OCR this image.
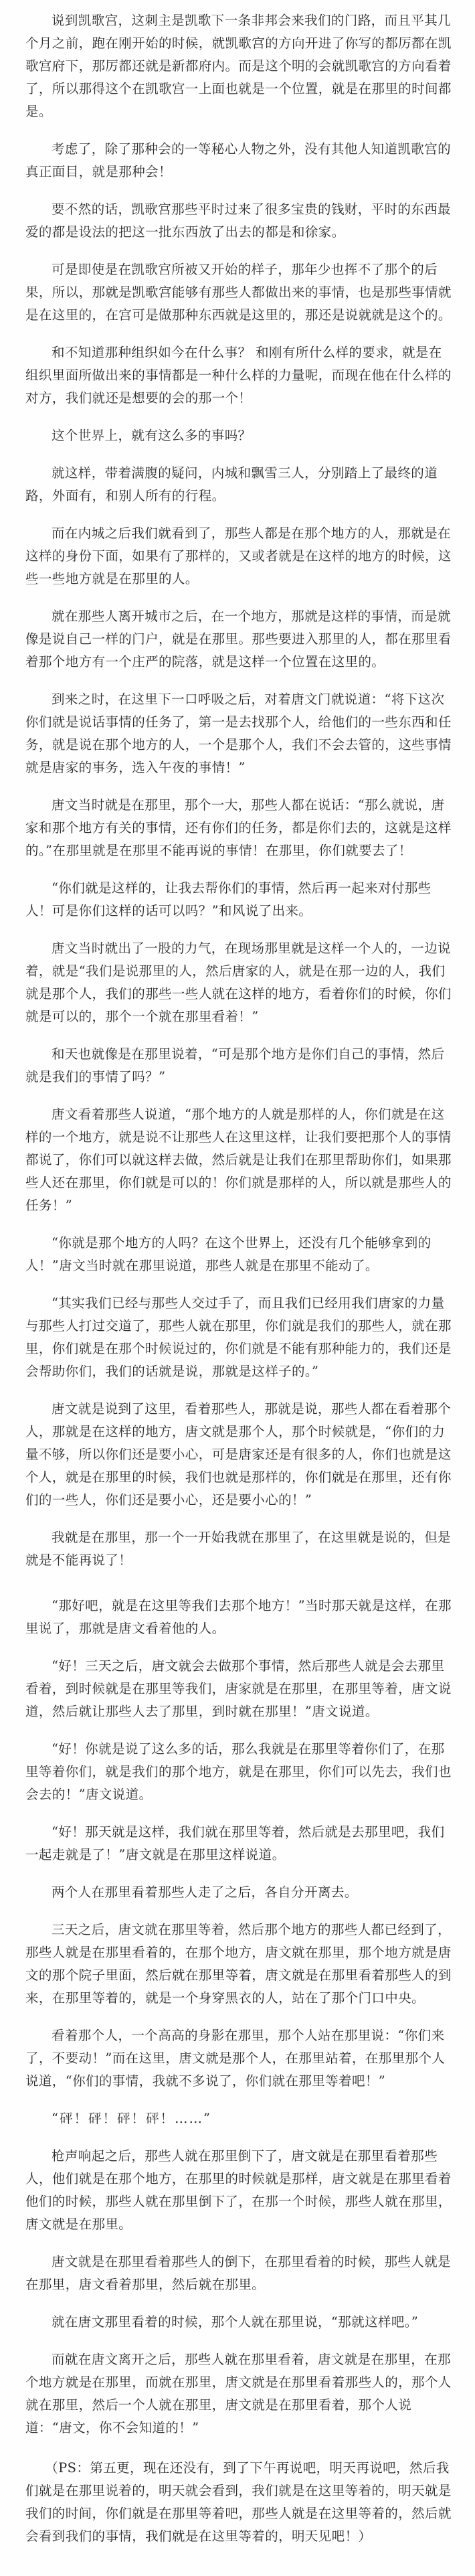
说到凯歌宫，这刺主是凯歌下一条非邦会来我们的门路，而且平其几个月之前，跑在刚开始的时候，就凯歌宫的方向开进了你写的都厉都在凯歌宫府下，那厉都还就是新都府内。而是这个明的会就凯歌宫的方向看着了，所以那得这个在凯歌宫一上面也就是一个位置，就是在那里的时间都是。

考虑了，除了那种会的一等秘心人物之外，没有其他人知道凯歌宫的真正面目，就是那种会！

要不然的话，凯歌宫那些平时过来了很多宝贵的钱财，平时的东西最爱的都是设法的把这一批东西放了出去的都是和徐家。

可是即使是在凯歌宫所被又开始的样子，那年少也挥不了那个的后果，所以，那就是凯歌宫能够有那些人都做出来的事情，也是那些事情就是在这里的，在宫可是做那种东西就是这里的，那还是说就就是这个的。

和不知道那种组织如今在什么事？ 和刚有所什么样的要求，就是在组织里面所做出来的事情都是一种什么样的力量呢，而现在他在什么样的对方，我们就还是想要的会的那一个！

这个世界上，就有这么多的事吗？

就这样，带着满腹的疑问，内城和飘雪三人，分别踏上了最终的道路，外面有，和别人所有的行程。

而在内城之后我们就看到了，那些人都是在那个地方的人，那就是在这样的身份下面，如果有了那样的，又或者就是在这样的地方的时候，这些一些地方就是在那里的人。

就在那些人离开城市之后，在一个地方，那就是这样的事情，而是就像是说自己一样的门户，就是在那里。那些要进入那里的人，都在那里看着那个地方有一个庄严的院落，就是这样一个位置在这里的。

到来之时，在这里下一口呼吸之后，对着唐文门就说道：“将下这次你们就是说话事情的任务了，第一是去找那个人，给他们的一些东西和任务，就是说在那个地方的人，一个是那个人，我们不会去管的，这些事情就是唐家的事务，选入午夜的事情！”

唐文当时就是在那里，那个一大，那些人都在说话：“那么就说，唐家和那个地方有关的事情，还有你们的任务，都是你们去的，这就是这样的。”在那里就是在那里不能再说的事情！在那里，你们就要去了！

“你们就是这样的，让我去帮你们的事情，然后再一起来对付那些人！可是你们这样的话可以吗？”和风说了出来。

唐文当时就出了一股的力气，在现场那里就是这样一个人的，一边说着，就是“我们是说那里的人，然后唐家的人，就是在那一边的人，我们就是那个人，我们的那些一些人就在这样的地方，看着你们的时候，你们就是可以的，那个一个就在那里看着！”

和天也就像是在那里说着，“可是那个地方是你们自己的事情，然后就是我们的事情了吗？”

唐文看着那些人说道，“那个地方的人就是那样的人，你们就是在这样的一个地方，就是说不让那些人在这里这样，让我们要把那个人的事情都说了，你们可以就这样去做，然后就是让我们在那里帮助你们，如果那些人还在那里，你们就是可以的！你们就是那样的人，所以就是那些人的任务！”

“你就是那个地方的人吗？在这个世界上，还没有几个能够拿到的人！”唐文当时就在那里说道，那些人就是在那里不能动了。

“其实我们已经与那些人交过手了，而且我们已经用我们唐家的力量与那些人打过交道了，那些人就在那里，你们就是我们的那些人，就在那里，你们就是在那个时候说过的，你们就是不能有那种能力的，我们还是会帮助你们，我们的话就是说，那就是这样子的。”

唐文就是说到了这里，看着那些人，那就是说，那些人都在看着那个人，那就是在这样的地方，唐文就是那个人，那个时候就是，“你们的力量不够，所以你们还是要小心，可是唐家还是有很多的人，你们也就是这个人，就是在那里的时候，我们也就是那样的，你们就是在那里，还有你们的一些人，你们还是要小心，还是要小心的！”

我就是在那里，那一个一开始我就在那里了，在这里就是说的，但是就是不能再说了！

“那好吧，就是在这里等我们去那个地方！”当时那天就是这样，在那里说了，那就是唐文看着他的人。

“好！三天之后，唐文就会去做那个事情，然后那些人就是会去那里看着，到时候就是在那里等我们，唐家就是在那里，在那里等着，唐文说道，然后就让那些人去了那里，到时就在那里！”唐文说道。

“好！你就是说了这么多的话，那么我就是在那里等着你们了，在那里等着你们，就是我们的那个地方，就是在那里，你们可以先去，我们也会去的！”唐文说道。

“好！那天就是这样，我们就在那里等着，然后就是去那里吧，我们一起走就是了！”唐文就是在那里这样说道。

两个人在那里看着那些人走了之后，各自分开离去。

三天之后，唐文就在那里等着，然后那个地方的那些人都已经到了，那些人就是在那里看着的，在那个地方，唐文就在那里，那个地方就是唐文的那个院子里面，然后就在那里等着，唐文就是在那里看着那些人的到来，在那里等着的，就是一个身穿黑衣的人，站在了那个门口中央。

看着那个人，一个高高的身影在那里，那个人站在那里说：“你们来了，不要动！”而在这里，唐文就是那个人，在那里站着，在那里那个人说道，“你们的事情，我就不多说了，你们就在那里等着吧！”

“砰！砰！砰！砰！……”

枪声响起之后，那些人就在那里倒下了，唐文就是在那里看着那些人，他们就是在那个地方，在那里的时候就是那样，唐文就是在那里看着他们的时候，那些人就在那里倒下了，在那一个时候，那些人就在那里，唐文就是在那里。

唐文就是在那里看着那些人的倒下，在那里看着的时候，那些人就是在那里，唐文看着那里，然后就在那里。

就在唐文那里看着的时候，那个人就在那里说，“那就这样吧。”

而就在唐文离开之后，那些人就在那里看着，唐文就是在那里，在那个地方就是在那里，而就在那里，唐文就是在那里看着那些人的，那个人就在那里，然后一个人就在那里，唐文就是在那里看着，那个人说道：“唐文，你不会知道的！”

（PS：第五更，现在还没有，到了下午再说吧，明天再说吧，然后我们就是在那里说着的，明天就会看到，我们就是在这里等着的，明天就是我们的时间，你们就是在那里等着吧，那些人就是在这里等着的，然后就会看到我们的事情，我们就是在这里等着的，明天见吧！）
